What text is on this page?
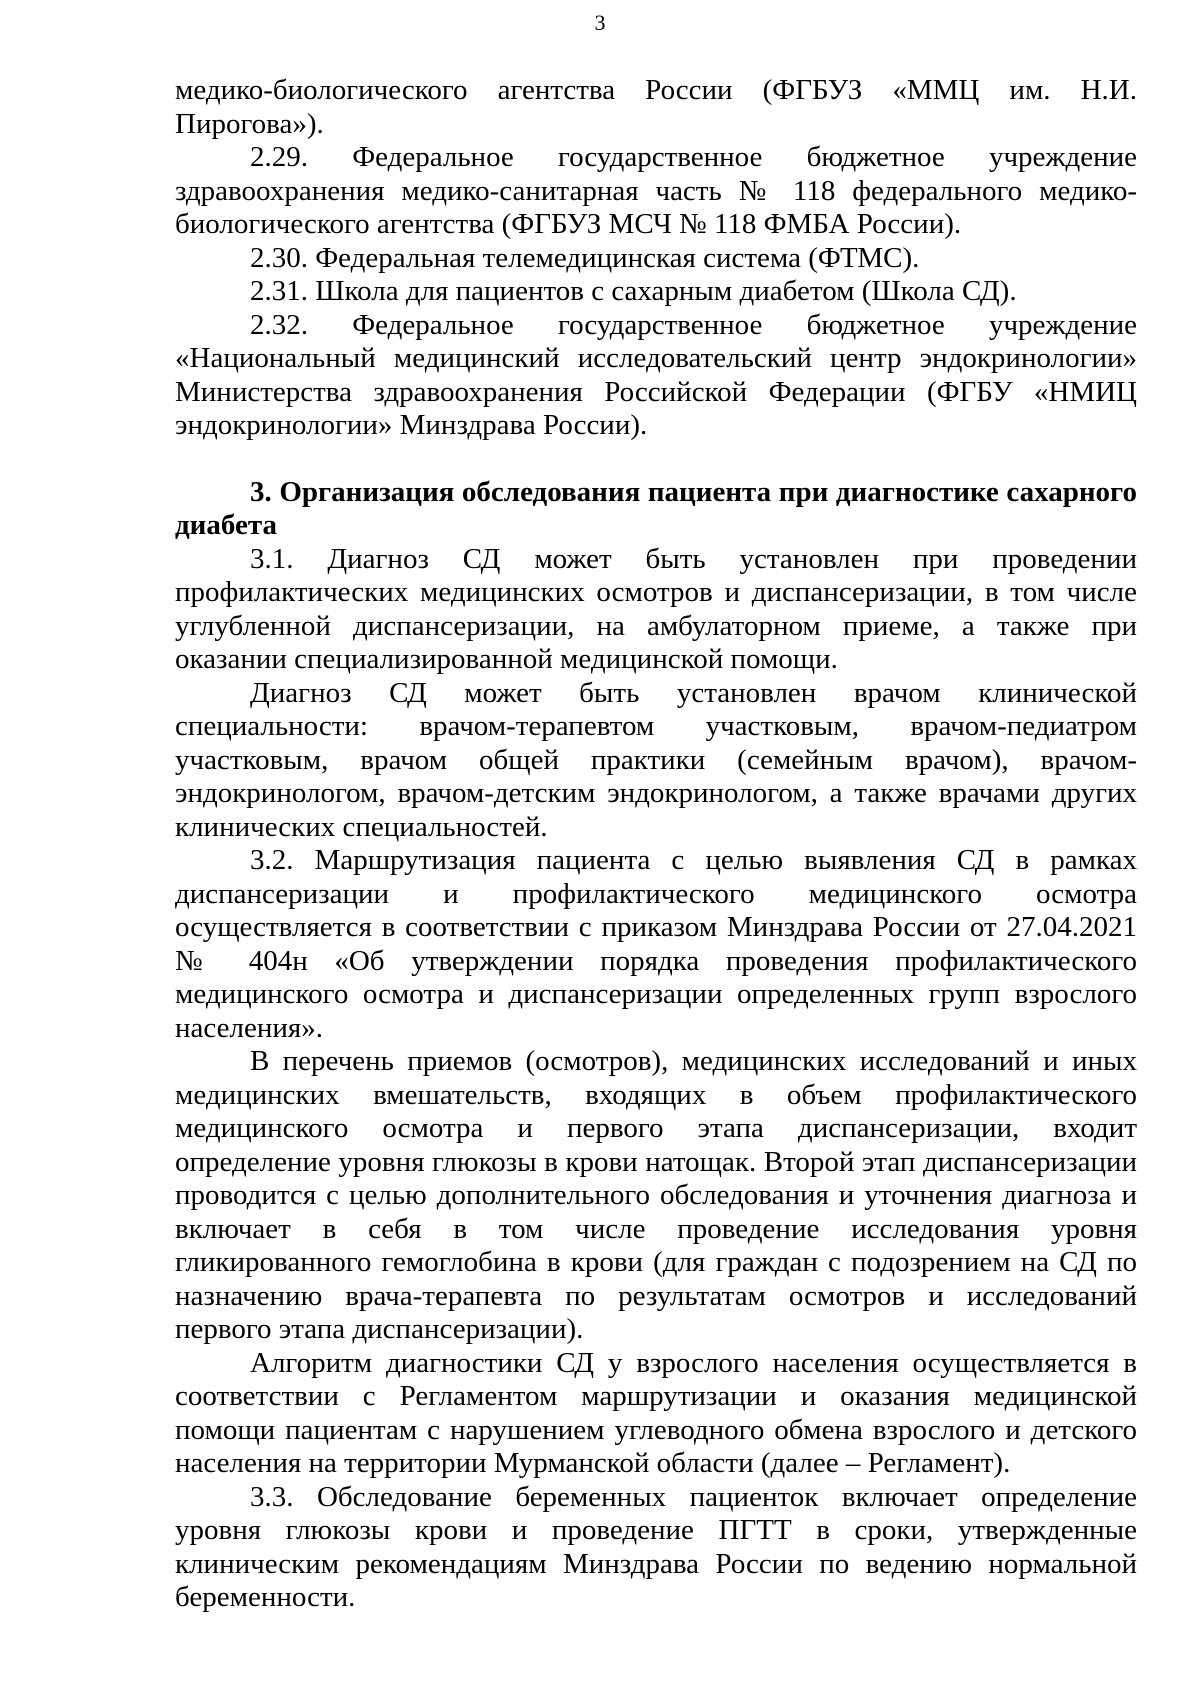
3

медико-биологического агентства России (ФГБУЗ «ММЦ им. Н.И. Пирогова»).

2.29. Федеральное государственное бюджетное учреждение здравоохранения медико-санитарная часть № 118 федерального медико-биологического агентства (ФГБУЗ МСЧ № 118 ФМБА России).

2.30. Федеральная телемедицинская система (ФТМС).

2.31. Школа для пациентов с сахарным диабетом (Школа СД).

2.32. Федеральное государственное бюджетное учреждение «Национальный медицинский исследовательский центр эндокринологии» Министерства здравоохранения Российской Федерации (ФГБУ «НМИЦ эндокринологии» Минздрава России).

3. Организация обследования пациента при диагностике сахарного диабета

3.1. Диагноз СД может быть установлен при проведении профилактических медицинских осмотров и диспансеризации, в том числе углубленной диспансеризации, на амбулаторном приеме, а также при оказании специализированной медицинской помощи.

Диагноз СД может быть установлен врачом клинической специальности: врачом-терапевтом участковым, врачом-педиатром участковым, врачом общей практики (семейным врачом), врачом-эндокринологом, врачом-детским эндокринологом, а также врачами других клинических специальностей.

3.2. Маршрутизация пациента с целью выявления СД в рамках диспансеризации и профилактического медицинского осмотра осуществляется в соответствии с приказом Минздрава России от 27.04.2021 № 404н «Об утверждении порядка проведения профилактического медицинского осмотра и диспансеризации определенных групп взрослого населения».

В перечень приемов (осмотров), медицинских исследований и иных медицинских вмешательств, входящих в объем профилактического медицинского осмотра и первого этапа диспансеризации, входит определение уровня глюкозы в крови натощак. Второй этап диспансеризации проводится с целью дополнительного обследования и уточнения диагноза и включает в себя в том числе проведение исследования уровня гликированного гемоглобина в крови (для граждан с подозрением на СД по назначению врача-терапевта по результатам осмотров и исследований первого этапа диспансеризации).

Алгоритм диагностики СД у взрослого населения осуществляется в соответствии с Регламентом маршрутизации и оказания медицинской помощи пациентам с нарушением углеводного обмена взрослого и детского населения на территории Мурманской области (далее – Регламент).

3.3. Обследование беременных пациенток включает определение уровня глюкозы крови и проведение ПГТТ в сроки, утвержденные клиническим рекомендациям Минздрава России по ведению нормальной беременности.
